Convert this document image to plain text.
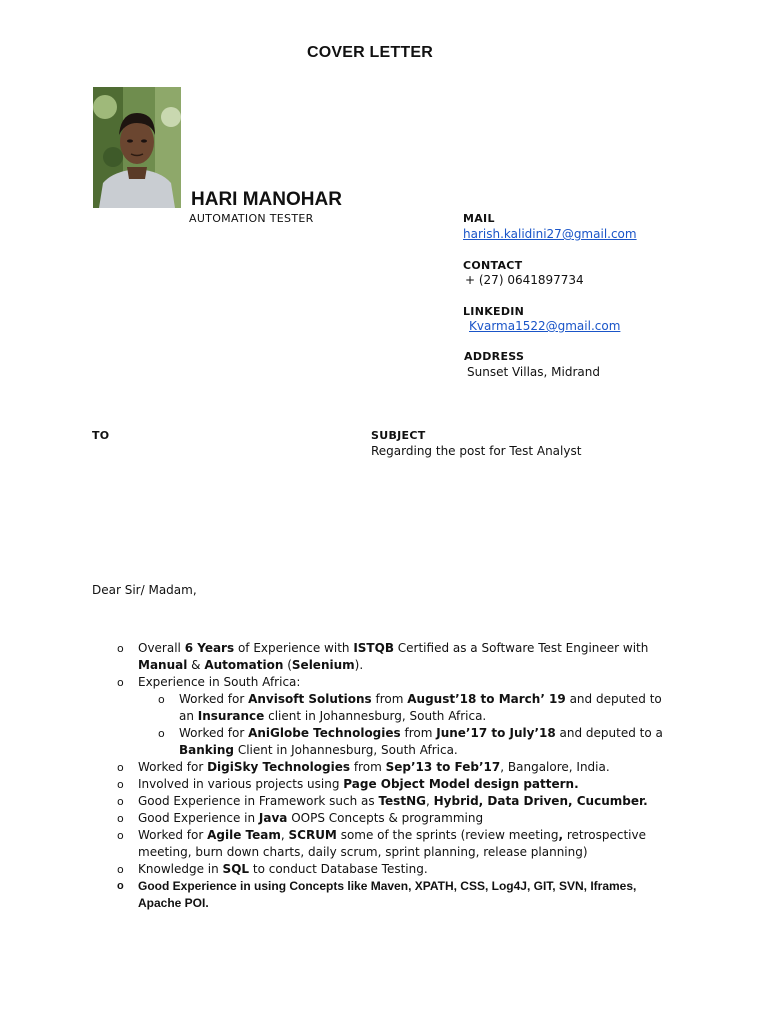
COVER LETTER
HARI MANOHAR
AUTOMATION TESTER	MAIL
harish.kalidini27@gmail.com
CONTACT
+ (27) 0641897734
LINKEDIN
Kvarma1522@gmail.com
ADDRESS
Sunset Villas, Midrand
TO	SUBJECT
Regarding the post for Test Analyst
Dear Sir/ Madam,
o Overall 6 Years of Experience with ISTQB Certified as a Software Test Engineer with Manual & Automation (Selenium).
o Experience in South Africa:
o Worked for Anvisoft Solutions from August’18 to March’ 19 and deputed to an Insurance client in Johannesburg, South Africa.
o Worked for AniGlobe Technologies from June’17 to July’18 and deputed to a Banking Client in Johannesburg, South Africa.
o Worked for DigiSky Technologies from Sep’13 to Feb’17, Bangalore, India.
o Involved in various projects using Page Object Model design pattern.
o Good Experience in Framework such as TestNG, Hybrid, Data Driven, Cucumber.
o Good Experience in Java OOPS Concepts & programming
o Worked for Agile Team, SCRUM some of the sprints (review meeting, retrospective meeting, burn down charts, daily scrum, sprint planning, release planning)
o Knowledge in SQL to conduct Database Testing.
o Good Experience in using Concepts like Maven, XPATH, CSS, Log4J, GIT, SVN, Iframes, Apache POI.
